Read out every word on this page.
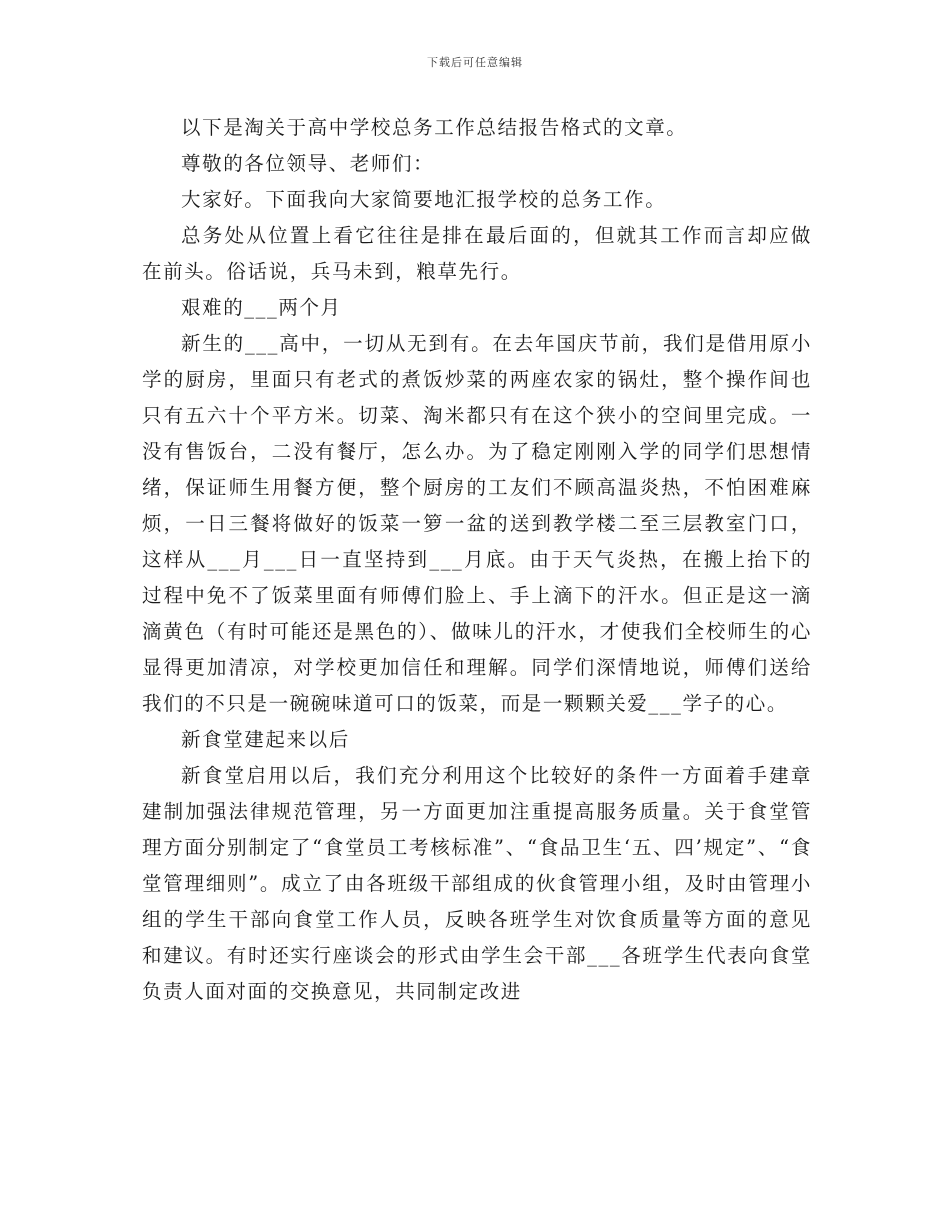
下载后可任意编辑

以下是淘关于高中学校总务工作总结报告格式的文章。

尊敬的各位领导、老师们：

大家好。下面我向大家简要地汇报学校的总务工作。

总务处从位置上看它往往是排在最后面的，但就其工作而言却应做在前头。俗话说，兵马未到，粮草先行。

艰难的___两个月

新生的___高中，一切从无到有。在去年国庆节前，我们是借用原小学的厨房，里面只有老式的煮饭炒菜的两座农家的锅灶，整个操作间也只有五六十个平方米。切菜、淘米都只有在这个狭小的空间里完成。一没有售饭台，二没有餐厅，怎么办。为了稳定刚刚入学的同学们思想情绪，保证师生用餐方便，整个厨房的工友们不顾高温炎热，不怕困难麻烦，一日三餐将做好的饭菜一箩一盆的送到教学楼二至三层教室门口，这样从___月___日一直坚持到___月底。由于天气炎热，在搬上抬下的过程中免不了饭菜里面有师傅们脸上、手上滴下的汗水。但正是这一滴滴黄色（有时可能还是黑色的）、做味儿的汗水，才使我们全校师生的心显得更加清凉，对学校更加信任和理解。同学们深情地说，师傅们送给我们的不只是一碗碗味道可口的饭菜，而是一颗颗关爱___学子的心。

新食堂建起来以后

新食堂启用以后，我们充分利用这个比较好的条件一方面着手建章建制加强法律规范管理，另一方面更加注重提高服务质量。关于食堂管理方面分别制定了“食堂员工考核标准”、“食品卫生‘五、四’规定”、“食堂管理细则”。成立了由各班级干部组成的伙食管理小组，及时由管理小组的学生干部向食堂工作人员，反映各班学生对饮食质量等方面的意见和建议。有时还实行座谈会的形式由学生会干部___各班学生代表向食堂负责人面对面的交换意见，共同制定改进
